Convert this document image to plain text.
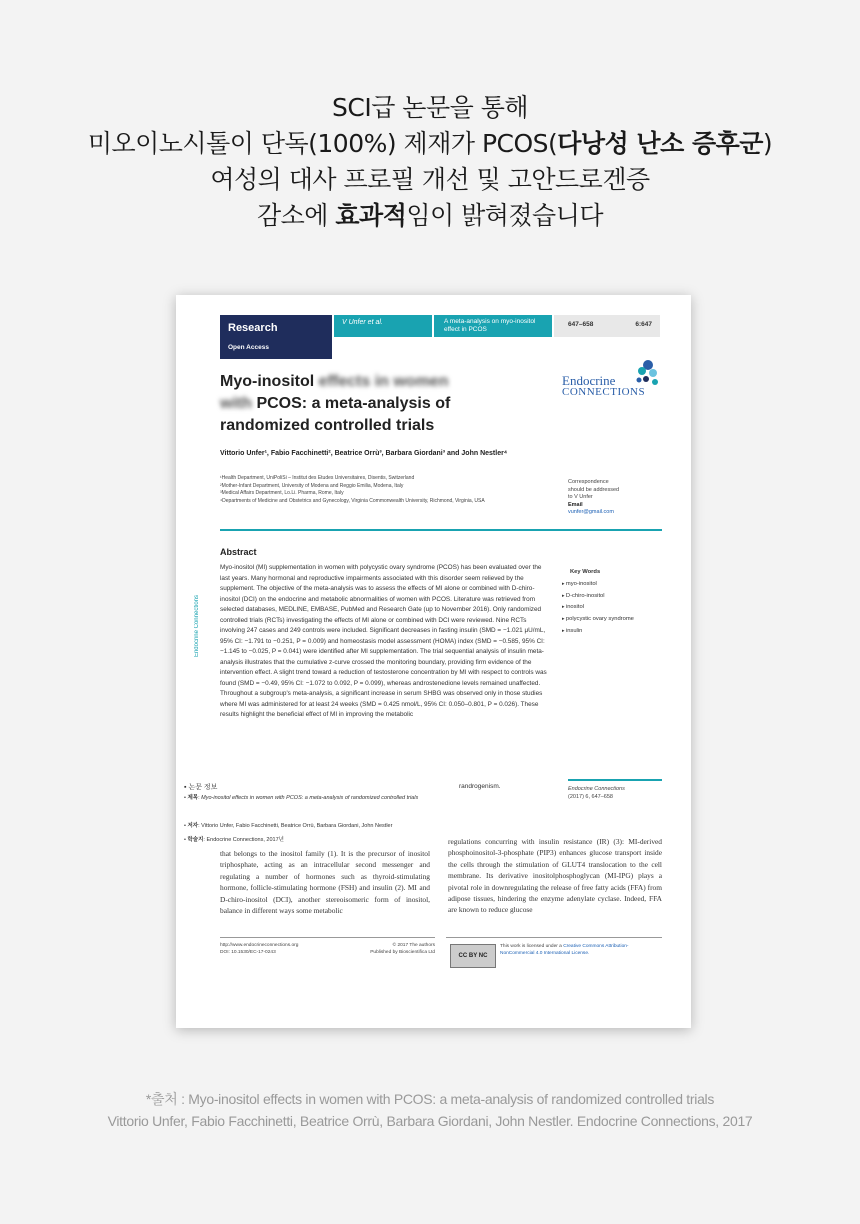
SCI급 논문을 통해
미오이노시톨이 단독(100%) 제재가 PCOS(다낭성 난소 증후군)
여성의 대사 프로필 개선 및 고안드로겐증
감소에 효과적임이 밝혀졌습니다
Research
Open Access
V Unfer et al.	A meta-analysis on myo-inositol effect in PCOS
647–658	6:647
Myo-inositol effects in women
with PCOS: a meta-analysis of randomized controlled trials
Endocrine
CONNECTIONS
Vittorio Unfer¹, Fabio Facchinetti², Beatrice Orrù³, Barbara Giordani³ and John Nestler⁴
¹Health Department, UniPoliSi – Institut des Etudes Universitaires, Disentis, Switzerland
²Mother-Infant Department, University of Modena and Reggio Emilia, Modena, Italy
³Medical Affairs Department, Lo.Li. Pharma, Rome, Italy
⁴Departments of Medicine and Obstetrics and Gynecology, Virginia Commonwealth University, Richmond, Virginia, USA
Correspondence
should be addressed
to V Unfer
Email
vunfer@gmail.com
Endocrine Connections
Abstract
Myo-inositol (MI) supplementation in women with polycystic ovary syndrome (PCOS) has been evaluated over the last years. Many hormonal and reproductive impairments associated with this disorder seem relieved by the supplement. The objective of the meta-analysis was to assess the effects of MI alone or combined with D-chiro-inositol (DCI) on the endocrine and metabolic abnormalities of women with PCOS. Literature was retrieved from selected databases, MEDLINE, EMBASE, PubMed and Research Gate (up to November 2016). Only randomized controlled trials (RCTs) investigating the effects of MI alone or combined with DCI were reviewed. Nine RCTs involving 247 cases and 249 controls were included. Significant decreases in fasting insulin (SMD = −1.021 μU/mL, 95% CI: −1.791 to −0.251, P = 0.009) and homeostasis model assessment (HOMA) index (SMD = −0.585, 95% CI: −1.145 to −0.025, P = 0.041) were identified after MI supplementation. The trial sequential analysis of insulin meta-analysis illustrates that the cumulative z-curve crossed the monitoring boundary, providing firm evidence of the intervention effect. A slight trend toward a reduction of testosterone concentration by MI with respect to controls was found (SMD = −0.49, 95% CI: −1.072 to 0.092, P = 0.099), whereas androstenedione levels remained unaffected. Throughout a subgroup's meta-analysis, a significant increase in serum SHBG was observed only in those studies where MI was administered for at least 24 weeks (SMD = 0.425 nmol/L, 95% CI: 0.050–0.801, P = 0.026). These results highlight the beneficial effect of MI in improving the metabolic
Key Words
▸ myo-inositol
▸ D-chiro-inositol
▸ inositol
▸ polycystic ovary syndrome
▸ insulin
Endocrine Connections
(2017) 6, 647–658
▪ 논문 정보
• 제목: Myo-inositol effects in women with PCOS: a meta-analysis of randomized controlled trials
• 저자: Vittorio Unfer, Fabio Facchinetti, Beatrice Orrù, Barbara Giordani, John Nestler
• 학술지: Endocrine Connections, 2017년
randrogenism.
that belongs to the inositol family (1). It is the precursor of inositol triphosphate, acting as an intracellular second messenger and regulating a number of hormones such as thyroid-stimulating hormone, follicle-stimulating hormone (FSH) and insulin (2). MI and D-chiro-inositol (DCI), another stereoisomeric form of inositol, balance in different ways some metabolic
regulations concurring with insulin resistance (IR) (3): MI-derived phosphoinositol-3-phosphate (PIP3) enhances glucose transport inside the cells through the stimulation of GLUT4 translocation to the cell membrane. Its derivative inositolphosphoglycan (MI-IPG) plays a pivotal role in downregulating the release of free fatty acids (FFA) from adipose tissues, hindering the enzyme adenylate cyclase. Indeed, FFA are known to reduce glucose
http://www.endocrineconnections.org
DOI: 10.1530/EC-17-0243
© 2017 The authors
Published by Bioscientifica Ltd
CC BY NC
This work is licensed under a Creative Commons Attribution-NonCommercial 4.0 International License.
*출처 : Myo-inositol effects in women with PCOS: a meta-analysis of randomized controlled trials
Vittorio Unfer, Fabio Facchinetti, Beatrice Orrù, Barbara Giordani, John Nestler. Endocrine Connections, 2017
